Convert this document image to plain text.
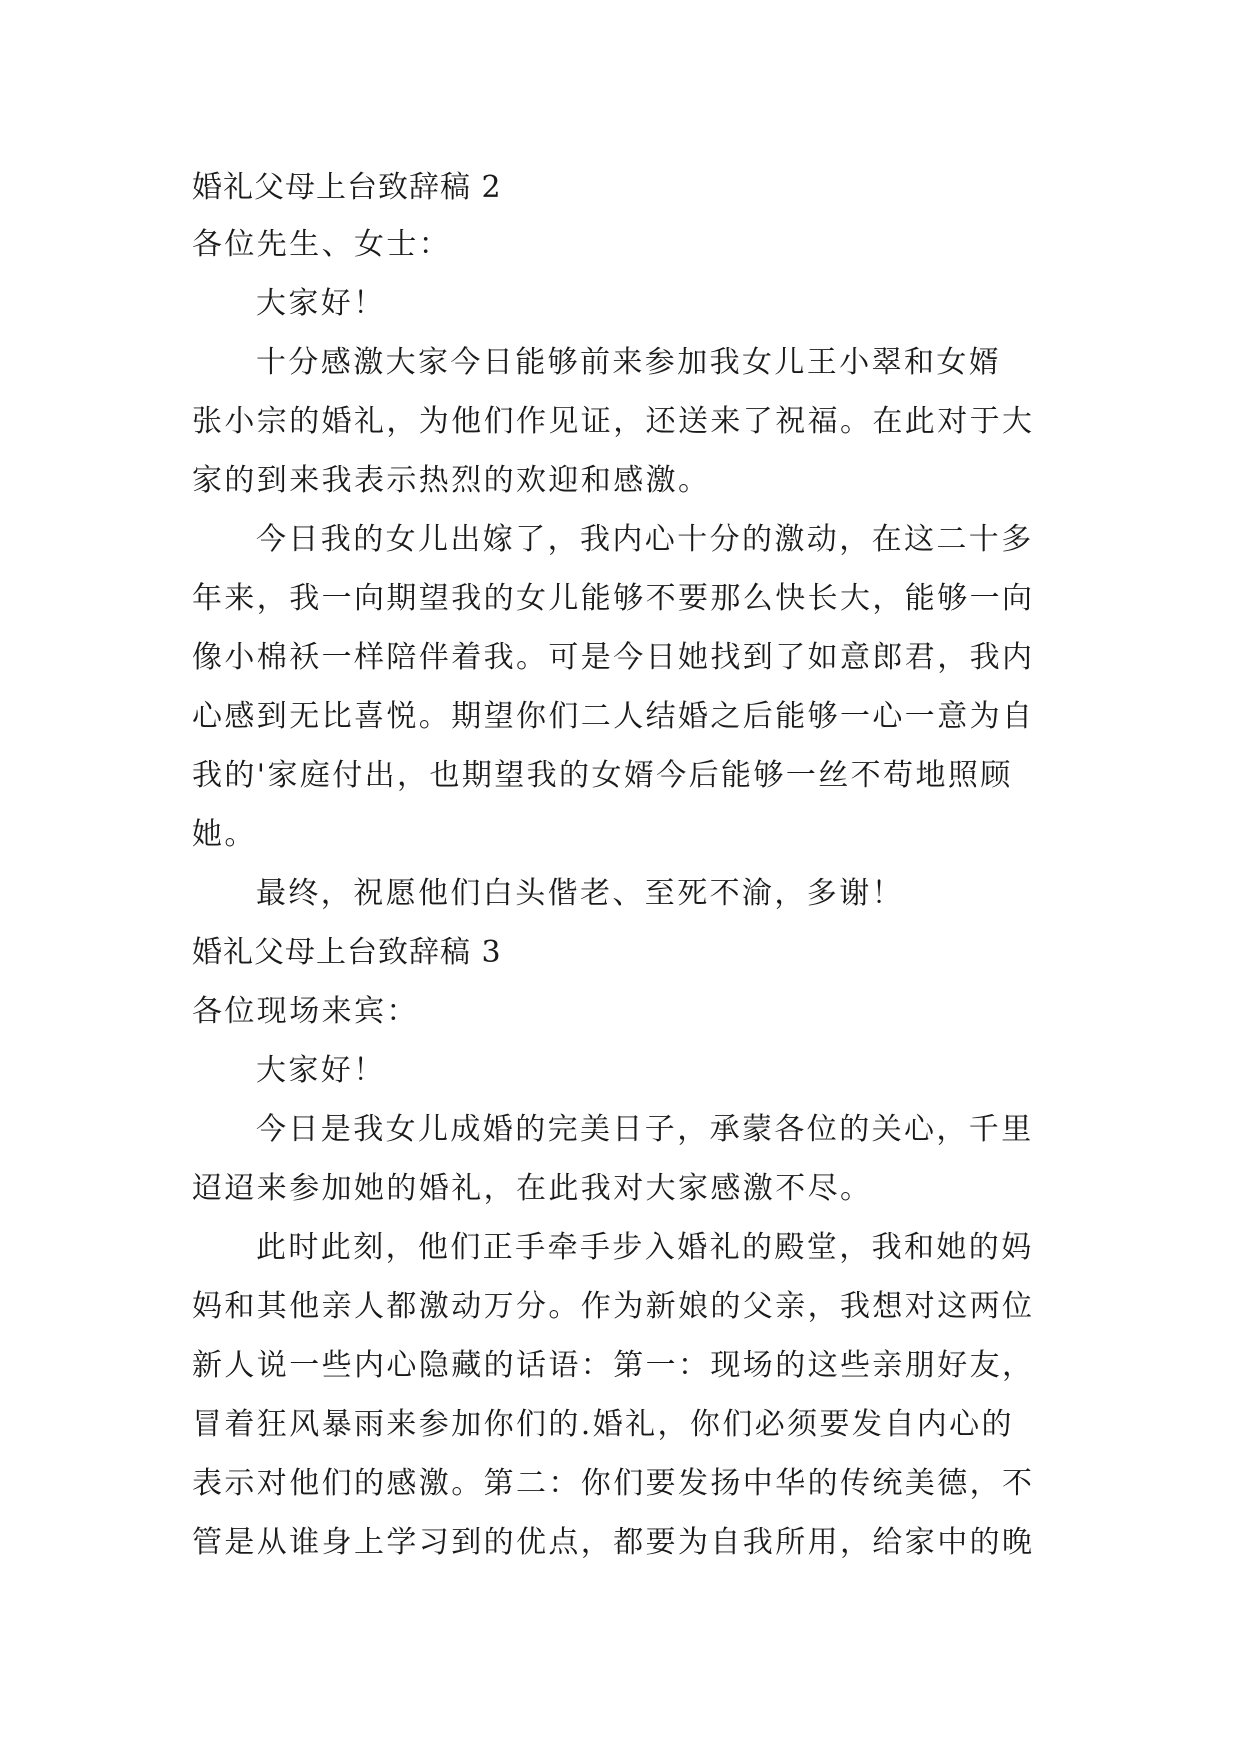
婚礼父母上台致辞稿 2
各位先生、女士：
大家好！
十分感激大家今日能够前来参加我女儿王小翠和女婿
张小宗的婚礼，为他们作见证，还送来了祝福。在此对于大
家的到来我表示热烈的欢迎和感激。
今日我的女儿出嫁了，我内心十分的激动，在这二十多
年来，我一向期望我的女儿能够不要那么快长大，能够一向
像小棉袄一样陪伴着我。可是今日她找到了如意郎君，我内
心感到无比喜悦。期望你们二人结婚之后能够一心一意为自
我的'家庭付出，也期望我的女婿今后能够一丝不苟地照顾
她。
最终，祝愿他们白头偕老、至死不渝，多谢！
婚礼父母上台致辞稿 3
各位现场来宾：
大家好！
今日是我女儿成婚的完美日子，承蒙各位的关心，千里
迢迢来参加她的婚礼，在此我对大家感激不尽。
此时此刻，他们正手牵手步入婚礼的殿堂，我和她的妈
妈和其他亲人都激动万分。作为新娘的父亲，我想对这两位
新人说一些内心隐藏的话语：第一：现场的这些亲朋好友，
冒着狂风暴雨来参加你们的.婚礼，你们必须要发自内心的
表示对他们的感激。第二：你们要发扬中华的传统美德，不
管是从谁身上学习到的优点，都要为自我所用，给家中的晚
